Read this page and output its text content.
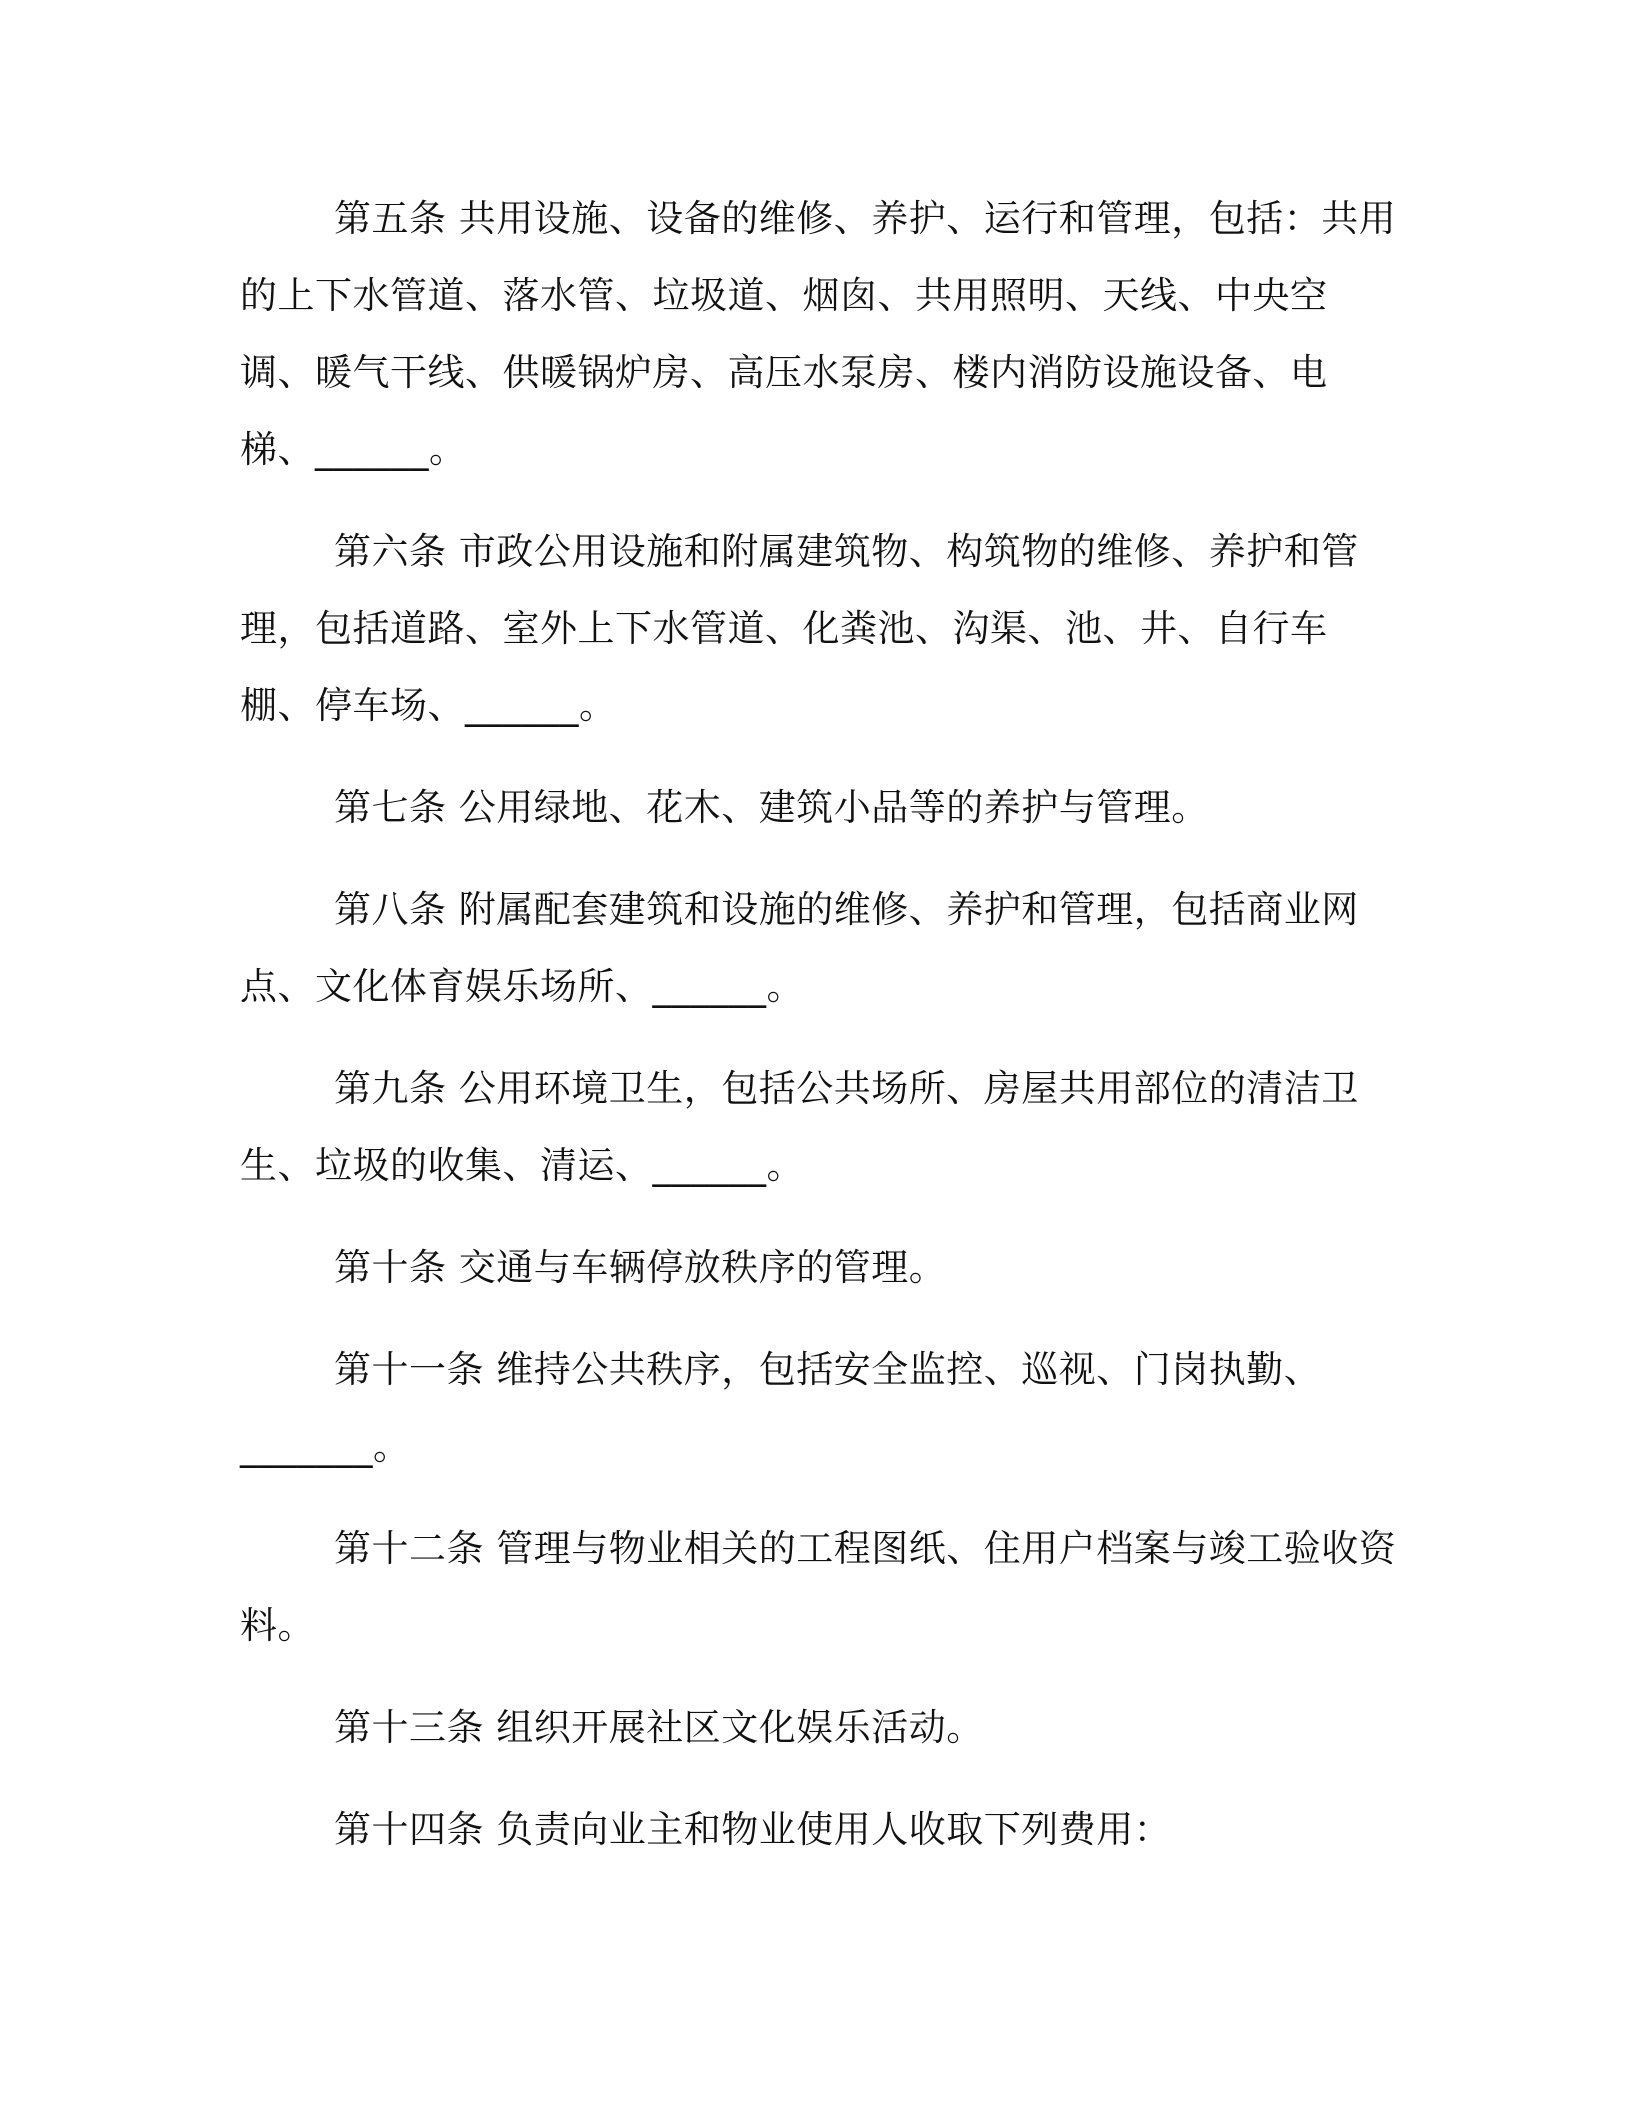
第五条 共用设施、设备的维修、养护、运行和管理，包括：共用的上下水管道、落水管、垃圾道、烟囱、共用照明、天线、中央空调、暖气干线、供暖锅炉房、高压水泵房、楼内消防设施设备、电梯、______。

第六条 市政公用设施和附属建筑物、构筑物的维修、养护和管理，包括道路、室外上下水管道、化粪池、沟渠、池、井、自行车棚、停车场、______。

第七条 公用绿地、花木、建筑小品等的养护与管理。

第八条 附属配套建筑和设施的维修、养护和管理，包括商业网点、文化体育娱乐场所、______。

第九条 公用环境卫生，包括公共场所、房屋共用部位的清洁卫生、垃圾的收集、清运、______。

第十条 交通与车辆停放秩序的管理。

第十一条 维持公共秩序，包括安全监控、巡视、门岗执勤、_______。

第十二条 管理与物业相关的工程图纸、住用户档案与竣工验收资料。

第十三条 组织开展社区文化娱乐活动。

第十四条 负责向业主和物业使用人收取下列费用：
